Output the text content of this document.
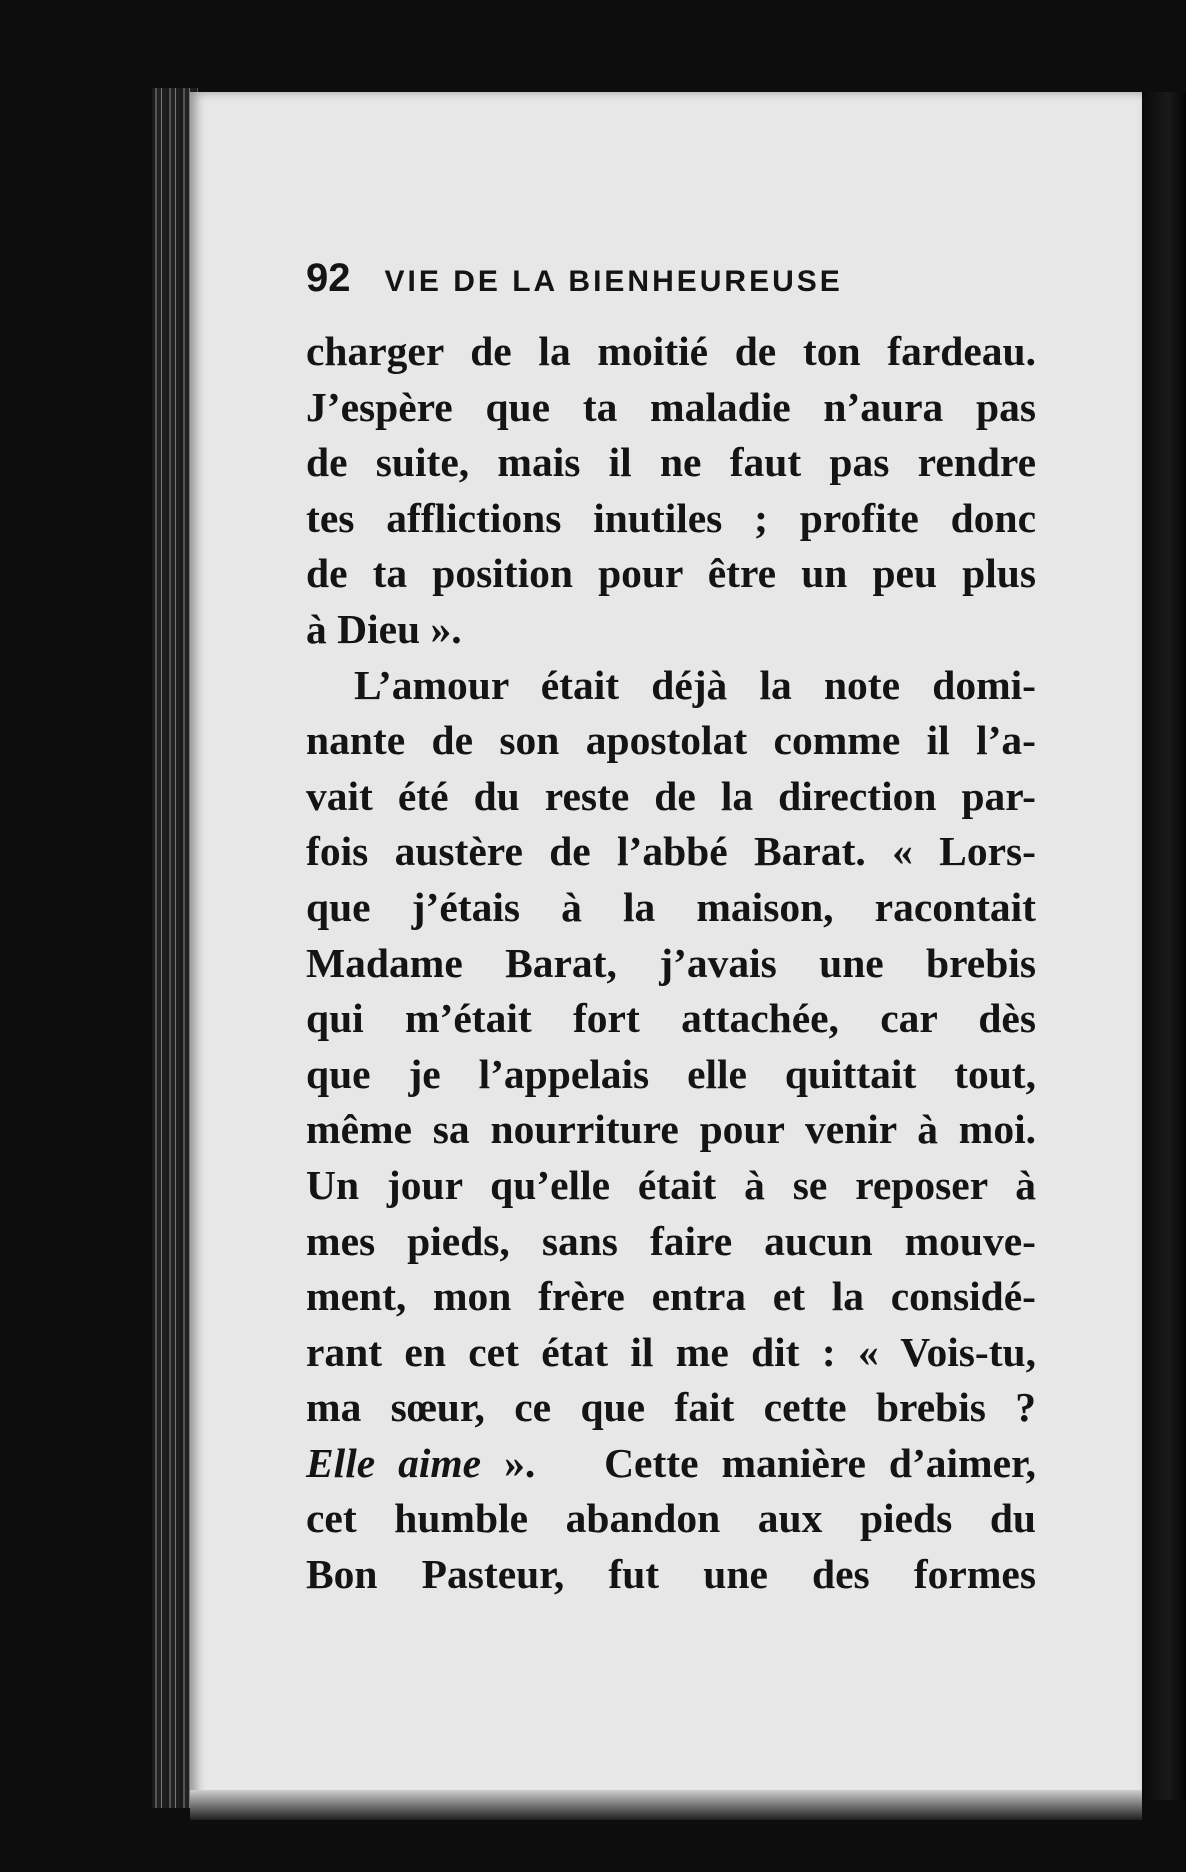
92 VIE DE LA BIENHEUREUSE
charger de la moitié de ton fardeau.
J’espère que ta maladie n’aura pas
de suite, mais il ne faut pas rendre
tes afflictions inutiles ; profite donc
de ta position pour être un peu plus
à Dieu ».
L’amour était déjà la note domi-
nante de son apostolat comme il l’a-
vait été du reste de la direction par-
fois austère de l’abbé Barat. « Lors-
que j’étais à la maison, racontait
Madame Barat, j’avais une brebis
qui m’était fort attachée, car dès
que je l’appelais elle quittait tout,
même sa nourriture pour venir à moi.
Un jour qu’elle était à se reposer à
mes pieds, sans faire aucun mouve-
ment, mon frère entra et la considé-
rant en cet état il me dit : « Vois-tu,
ma sœur, ce que fait cette brebis ?
Elle aime ». Cette manière d’aimer,
cet humble abandon aux pieds du
Bon Pasteur, fut une des formes
